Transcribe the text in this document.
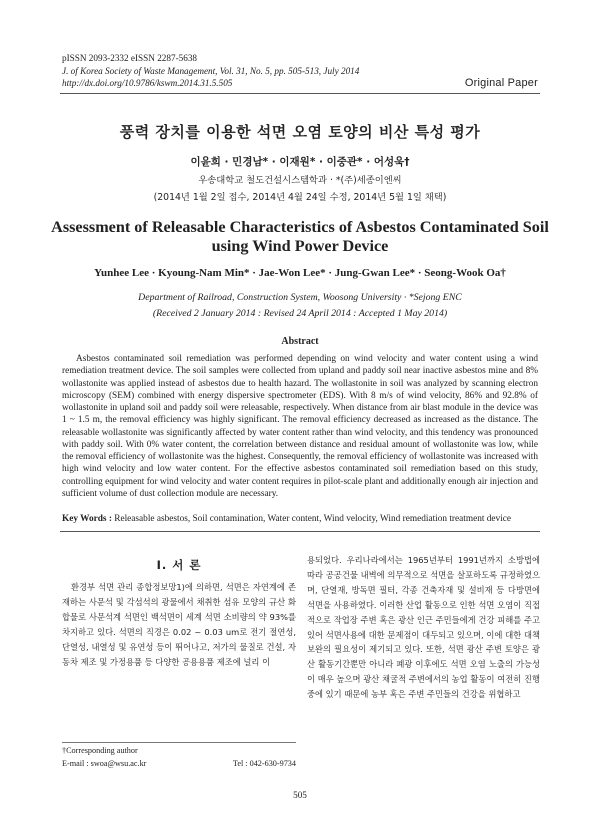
pISSN 2093-2332 eISSN 2287-5638
J. of Korea Society of Waste Management, Vol. 31, No. 5, pp. 505-513, July 2014
http://dx.doi.org/10.9786/kswm.2014.31.5.505	Original Paper
풍력 장치를 이용한 석면 오염 토양의 비산 특성 평가
이윤희 · 민경남* · 이재원* · 이중관* · 어성욱†
우송대학교 철도건설시스템학과 · *(주)세종이엔씨
(2014년 1월 2일 접수, 2014년 4월 24일 수정, 2014년 5월 1일 채택)
Assessment of Releasable Characteristics of Asbestos Contaminated Soil using Wind Power Device
Yunhee Lee · Kyoung-Nam Min* · Jae-Won Lee* · Jung-Gwan Lee* · Seong-Wook Oa†
Department of Railroad, Construction System, Woosong University · *Sejong ENC
(Received 2 January 2014 : Revised 24 April 2014 : Accepted 1 May 2014)
Abstract
Asbestos contaminated soil remediation was performed depending on wind velocity and water content using a wind remediation treatment device. The soil samples were collected from upland and paddy soil near inactive asbestos mine and 8% wollastonite was applied instead of asbestos due to health hazard. The wollastonite in soil was analyzed by scanning electron microscopy (SEM) combined with energy dispersive spectrometer (EDS). With 8 m/s of wind velocity, 86% and 92.8% of wollastonite in upland soil and paddy soil were releasable, respectively. When distance from air blast module in the device was 1 ~ 1.5 m, the removal efficiency was highly significant. The removal efficiency decreased as increased as the distance. The releasable wollastonite was significantly affected by water content rather than wind velocity, and this tendency was pronounced with paddy soil. With 0% water content, the correlation between distance and residual amount of wollastonite was low, while the removal efficiency of wollastonite was the highest. Consequently, the removal efficiency of wollastonite was increased with high wind velocity and low water content. For the effective asbestos contaminated soil remediation based on this study, controlling equipment for wind velocity and water content requires in pilot-scale plant and additionally enough air injection and sufficient volume of dust collection module are necessary.
Key Words : Releasable asbestos, Soil contamination, Water content, Wind velocity, Wind remediation treatment device
I. 서 론
환경부 석면 관리 종합정보망1)에 의하면, 석면은 자연계에 존재하는 사문석 및 각섬석의 광물에서 채취한 섬유 모양의 규산 화합물로 사문석계 석면인 백석면이 세계 석면 소비량의 약 93%를 차지하고 있다. 석면의 직경은 0.02 ~ 0.03 um로 전기 절연성, 단열성, 내열성 및 유연성 등이 뛰어나고, 저가의 물질로 건설, 자동차 제조 및 가정용품 등 다양한 공용용품 제조에 널리 이
용되었다. 우리나라에서는 1965년부터 1991년까지 소방법에 따라 공공건물 내벽에 의무적으로 석면을 살포하도록 규정하였으며, 단열재, 방독면 필터, 각종 건축자재 및 설비재 등 다방면에 석면을 사용하였다. 이러한 산업 활동으로 인한 석면 오염이 직접적으로 작업장 주변 혹은 광산 인근 주민들에게 건강 피해를 주고 있어 석면사용에 대한 문제점이 대두되고 있으며, 이에 대한 대책 보완의 필요성이 제기되고 있다. 또한, 석면 광산 주변 토양은 광산 활동기간뿐만 아니라 폐광 이후에도 석면 오염 노출의 가능성이 매우 높으며 광산 채굴적 주변에서의 농업 활동이 여전히 진행 중에 있기 때문에 농부 혹은 주변 주민들의 건강을 위협하고
†Corresponding author
E-mail : swoa@wsu.ac.kr	Tel : 042-630-9734
505
